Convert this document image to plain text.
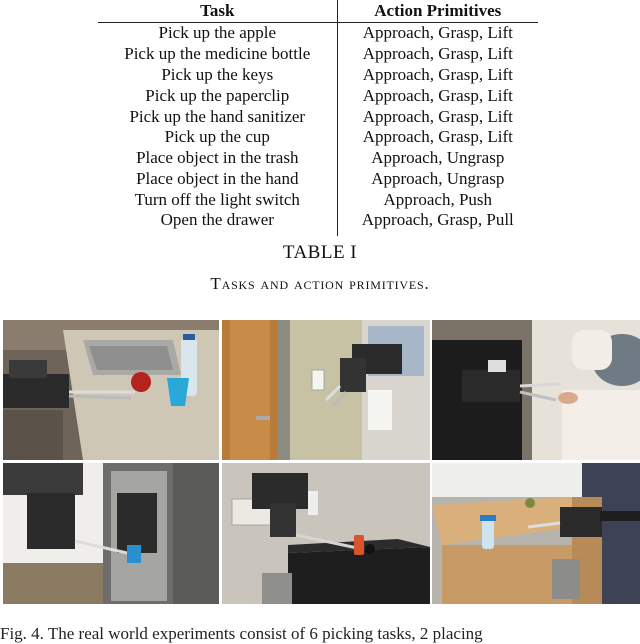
Task	Action Primitives
Pick up the apple	Approach, Grasp, Lift
Pick up the medicine bottle	Approach, Grasp, Lift
Pick up the keys	Approach, Grasp, Lift
Pick up the paperclip	Approach, Grasp, Lift
Pick up the hand sanitizer	Approach, Grasp, Lift
Pick up the cup	Approach, Grasp, Lift
Place object in the trash	Approach, Ungrasp
Place object in the hand	Approach, Ungrasp
Turn off the light switch	Approach, Push
Open the drawer	Approach, Grasp, Pull
TABLE I
Tasks and action primitives.
Fig. 4. The real world experiments consist of 6 picking tasks, 2 placing
